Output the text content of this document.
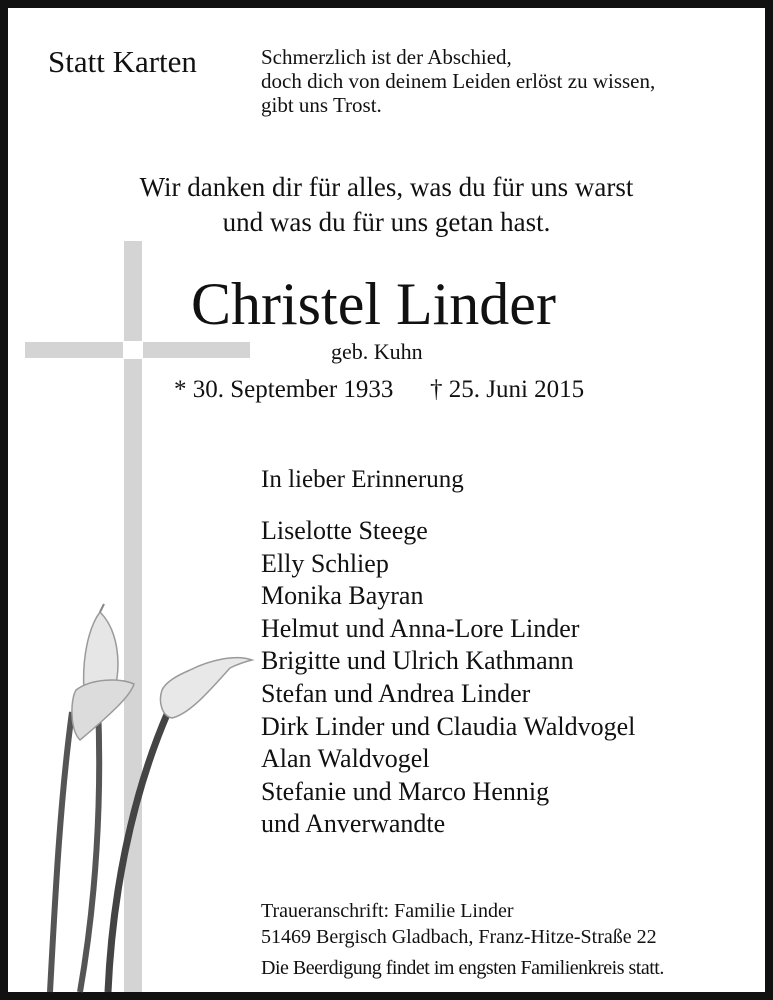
Statt Karten	Schmerzlich ist der Abschied,
doch dich von deinem Leiden erlöst zu wissen,
gibt uns Trost.
Wir danken dir für alles, was du für uns warst
und was du für uns getan hast.
Christel Linder
geb. Kuhn
* 30. September 1933 † 25. Juni 2015
In lieber Erinnerung
Liselotte Steege
Elly Schliep
Monika Bayran
Helmut und Anna-Lore Linder
Brigitte und Ulrich Kathmann
Stefan und Andrea Linder
Dirk Linder und Claudia Waldvogel
Alan Waldvogel
Stefanie und Marco Hennig
und Anverwandte
Traueranschrift: Familie Linder
51469 Bergisch Gladbach, Franz-Hitze-Straße 22
Die Beerdigung findet im engsten Familienkreis statt.
